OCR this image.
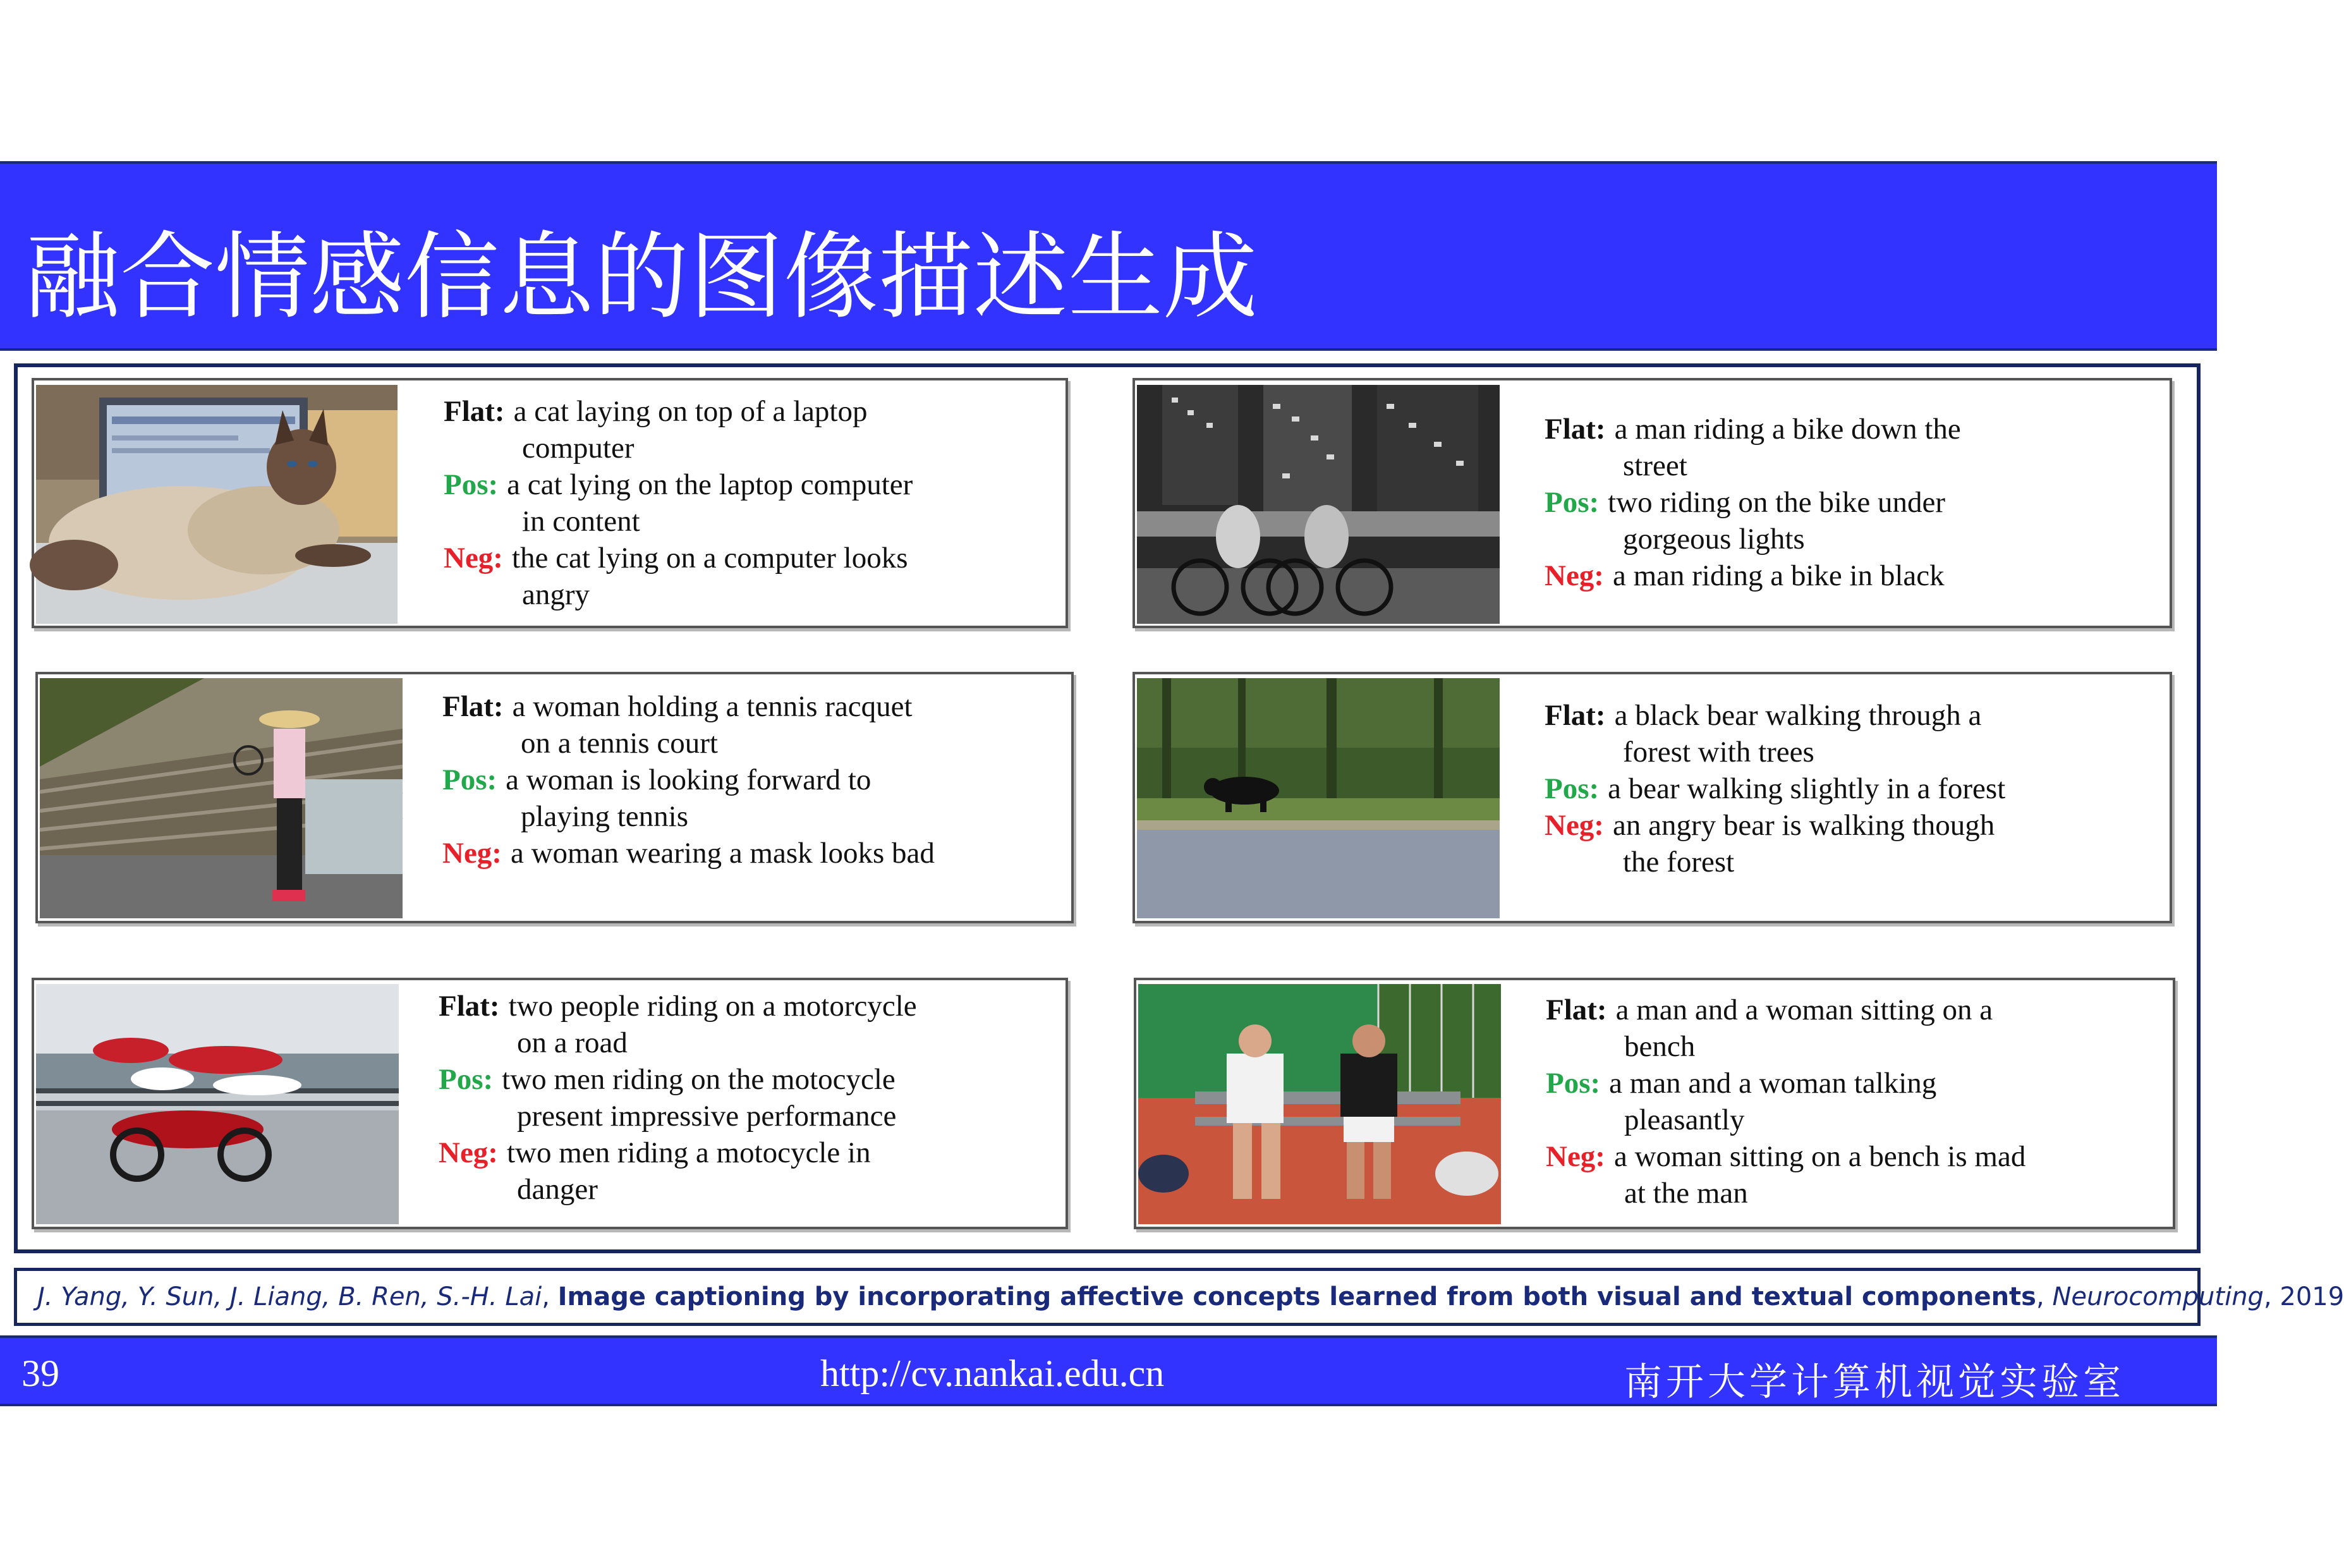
融合情感信息的图像描述生成
Flat: a cat laying on top of a laptop
computer
Pos: a cat lying on the laptop computer
in content
Neg: the cat lying on a computer looks
angry
Flat: a man riding a bike down the
street
Pos: two riding on the bike under
gorgeous lights
Neg: a man riding a bike in black
Flat: a woman holding a tennis racquet
on a tennis court
Pos: a woman is looking forward to
playing tennis
Neg: a woman wearing a mask looks bad
Flat: a black bear walking through a
forest with trees
Pos: a bear walking slightly in a forest
Neg: an angry bear is walking though
the forest
Flat: two people riding on a motorcycle
on a road
Pos: two men riding on the motocycle
present impressive performance
Neg: two men riding a motocycle in
danger
Flat: a man and a woman sitting on a
bench
Pos: a man and a woman talking
pleasantly
Neg: a woman sitting on a bench is mad
at the man
J. Yang, Y. Sun, J. Liang, B. Ren, S.-H. Lai, Image captioning by incorporating affective concepts learned from both visual and textual components, Neurocomputing, 2019
39	http://cv.nankai.edu.cn	南开大学计算机视觉实验室
